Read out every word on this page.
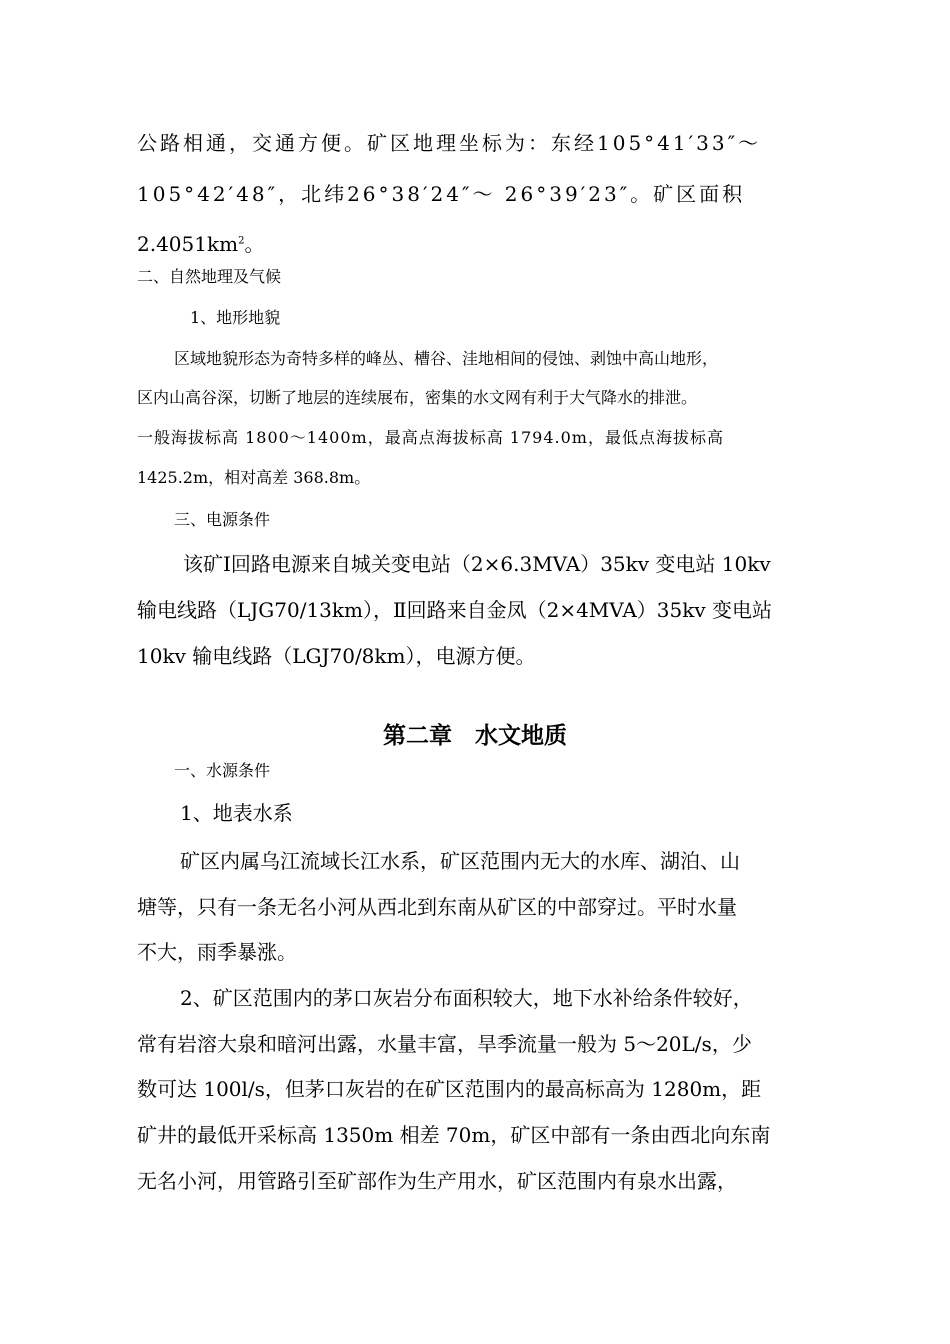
公路相通，交通方便。矿区地理坐标为：东经105°41′33″～
105°42′48″，北纬26°38′24″～ 26°39′23″。矿区面积
$2.4051km^2$。
二、自然地理及气候
1、地形地貌
区域地貌形态为奇特多样的峰丛、槽谷、洼地相间的侵蚀、剥蚀中高山地形，
区内山高谷深，切断了地层的连续展布，密集的水文网有利于大气降水的排泄。
一般海拔标高 1800～1400m，最高点海拔标高 1794.0m，最低点海拔标高
1425.2m，相对高差 368.8m。
三、电源条件
该矿Ⅰ回路电源来自城关变电站（2×6.3MVA）35kv 变电站 10kv
输电线路（LJG70/13km），Ⅱ回路来自金凤（2×4MVA）35kv 变电站
10kv 输电线路（LGJ70/8km），电源方便。
第二章　水文地质
一、水源条件
1、地表水系
矿区内属乌江流域长江水系，矿区范围内无大的水库、湖泊、山
塘等，只有一条无名小河从西北到东南从矿区的中部穿过。平时水量
不大，雨季暴涨。
2、矿区范围内的茅口灰岩分布面积较大，地下水补给条件较好，
常有岩溶大泉和暗河出露，水量丰富，旱季流量一般为 5～20L/s，少
数可达 100l/s，但茅口灰岩的在矿区范围内的最高标高为 1280m，距
矿井的最低开采标高 1350m 相差 70m，矿区中部有一条由西北向东南
无名小河，用管路引至矿部作为生产用水，矿区范围内有泉水出露，
